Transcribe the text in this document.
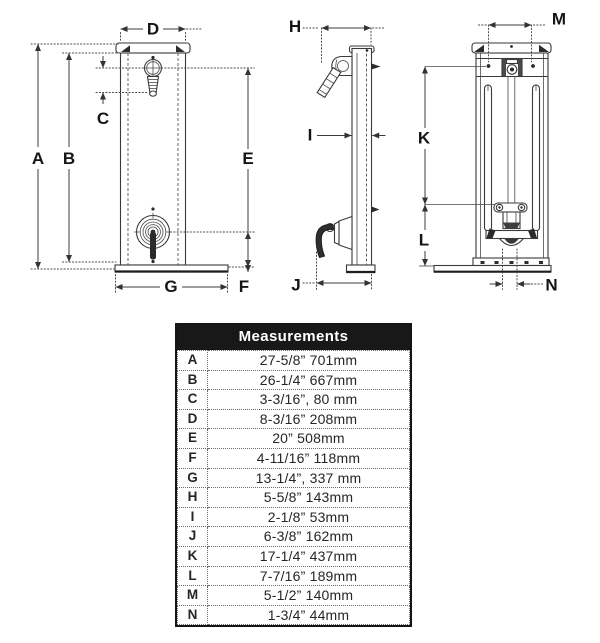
A B
C
D
E
F
G
H
I
J
M
K
L
N
Measurements
A	27-5/8” 701mm
B	26-1/4” 667mm
C	3-3/16”, 80 mm
D	8-3/16” 208mm
E	20” 508mm
F	4-11/16” 118mm
G	13-1/4”, 337 mm
H	5-5/8” 143mm
I	2-1/8” 53mm
J	6-3/8” 162mm
K	17-1/4” 437mm
L	7-7/16” 189mm
M	5-1/2” 140mm
N	1-3/4” 44mm
